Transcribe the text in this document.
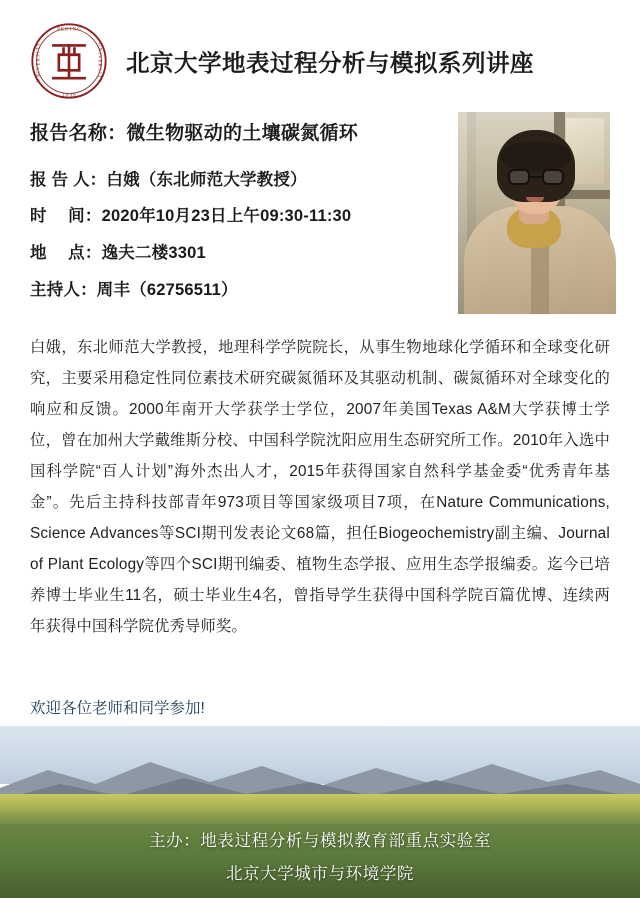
P E K I N G
1 8 9 8
U N I V E R S I T Y	U N I V E R S I T Y 北京大学地表过程分析与模拟系列讲座
报告名称：微生物驱动的土壤碳氮循环
报 告 人：白娥（东北师范大学教授）
时　 间：2020年10月23日上午09:30-11:30
地　 点：逸夫二楼3301
主持人：周丰（62756511）
白娥，东北师范大学教授，地理科学学院院长，从事生物地球化学循环和全球变化研究，主要采用稳定性同位素技术研究碳氮循环及其驱动机制、碳氮循环对全球变化的响应和反馈。2000年南开大学获学士学位，2007年美国Texas A&M大学获博士学位，曾在加州大学戴维斯分校、中国科学院沈阳应用生态研究所工作。2010年入选中国科学院“百人计划”海外杰出人才，2015年获得国家自然科学基金委“优秀青年基金”。先后主持科技部青年973项目等国家级项目7项，在Nature Communications, Science Advances等SCI期刊发表论文68篇，担任Biogeochemistry副主编、Journal of Plant Ecology等四个SCI期刊编委、植物生态学报、应用生态学报编委。迄今已培养博士毕业生11名，硕士毕业生4名，曾指导学生获得中国科学院百篇优博、连续两年获得中国科学院优秀导师奖。
欢迎各位老师和同学参加!
主办：地表过程分析与模拟教育部重点实验室
北京大学城市与环境学院
